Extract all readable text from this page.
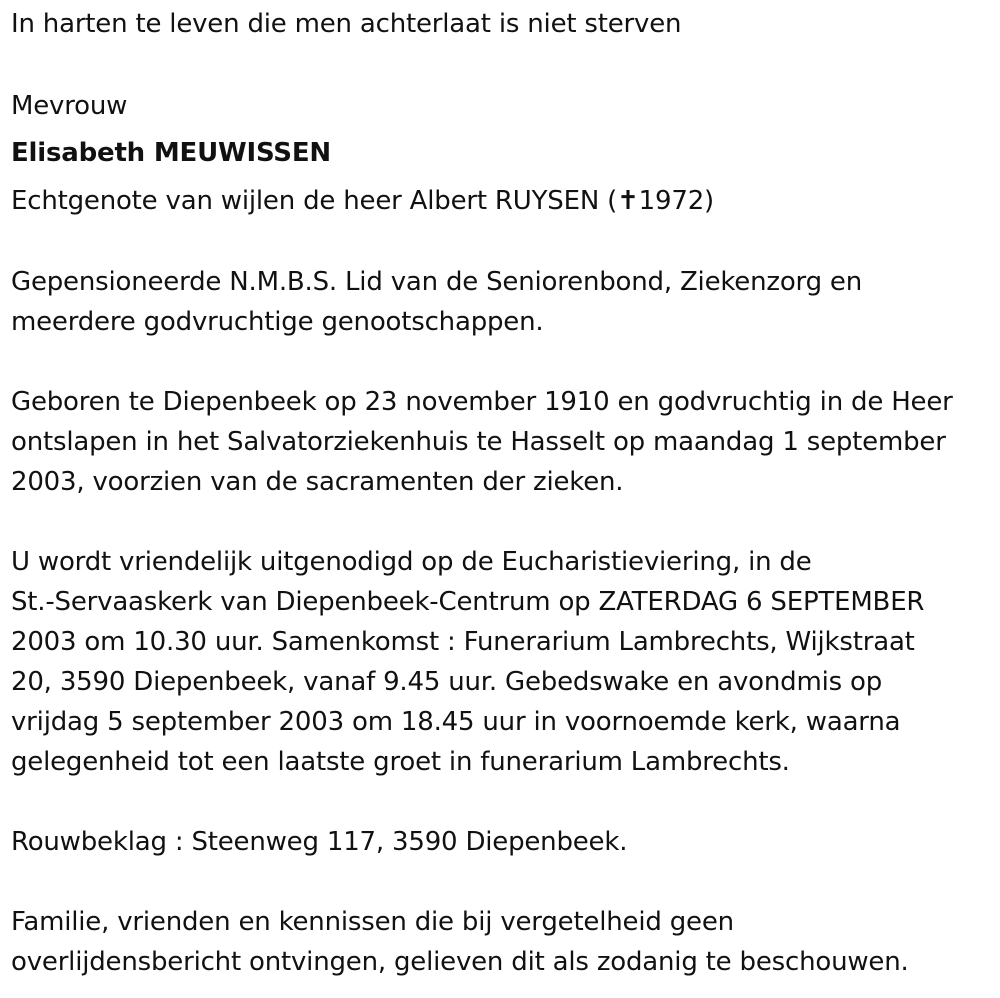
In harten te leven die men achterlaat is niet sterven
Mevrouw
Elisabeth MEUWISSEN
Echtgenote van wijlen de heer Albert RUYSEN (✝1972)
Gepensioneerde N.M.B.S. Lid van de Seniorenbond, Ziekenzorg en
meerdere godvruchtige genootschappen.
Geboren te Diepenbeek op 23 november 1910 en godvruchtig in de Heer
ontslapen in het Salvatorziekenhuis te Hasselt op maandag 1 september
2003, voorzien van de sacramenten der zieken.
U wordt vriendelijk uitgenodigd op de Eucharistieviering, in de
St.-Servaaskerk van Diepenbeek-Centrum op ZATERDAG 6 SEPTEMBER
2003 om 10.30 uur. Samenkomst : Funerarium Lambrechts, Wijkstraat
20, 3590 Diepenbeek, vanaf 9.45 uur. Gebedswake en avondmis op
vrijdag 5 september 2003 om 18.45 uur in voornoemde kerk, waarna
gelegenheid tot een laatste groet in funerarium Lambrechts.
Rouwbeklag : Steenweg 117, 3590 Diepenbeek.
Familie, vrienden en kennissen die bij vergetelheid geen
overlijdensbericht ontvingen, gelieven dit als zodanig te beschouwen.
